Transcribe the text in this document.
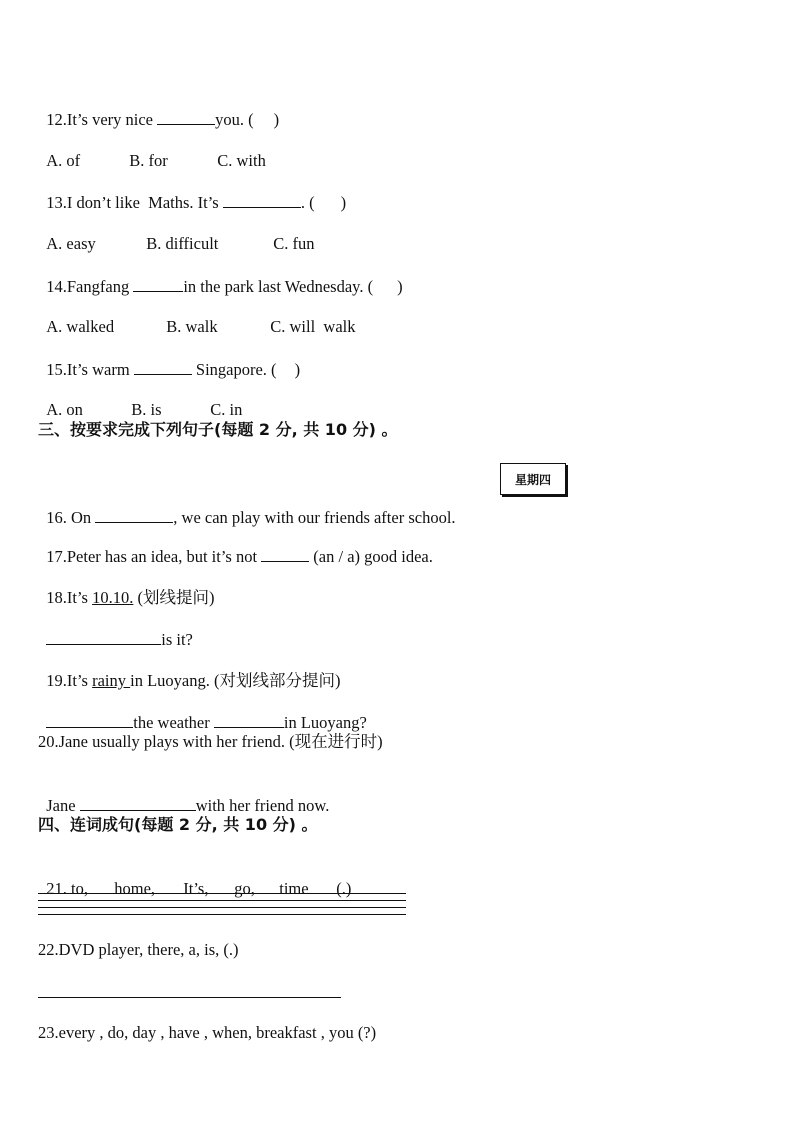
12.It’s very nice	you. ( )

A. of	B. for	C. with

13.I don’t like  Maths. It’s	. ( )

A. easy	B. difficult	C. fun

14.Fangfang	in the park last Wednesday. ( )

A. walked	B. walk	C. will  walk

15.It’s warm	Singapore. ( )

A. on	B. is	C. in

三、按要求完成下列句子(每题 2 分, 共 10 分) 。

16. On	, we can play with our friends after school.

星期四

17.Peter has an idea, but it’s not	(an / a) good idea.

18.It’s 10.10. (划线提问)

is it?

19.It’s rainy in Luoyang. (对划线部分提问)

the weather	in Luoyang?

20.Jane usually plays with her friend. (现在进行时)

Jane	with her friend now.

四、连词成句(每题 2 分, 共 10 分) 。

21. to, home, It’s, go, time (.)

22.DVD player, there, a, is, (.)
23.every , do, day , have , when, breakfast , you (?)
